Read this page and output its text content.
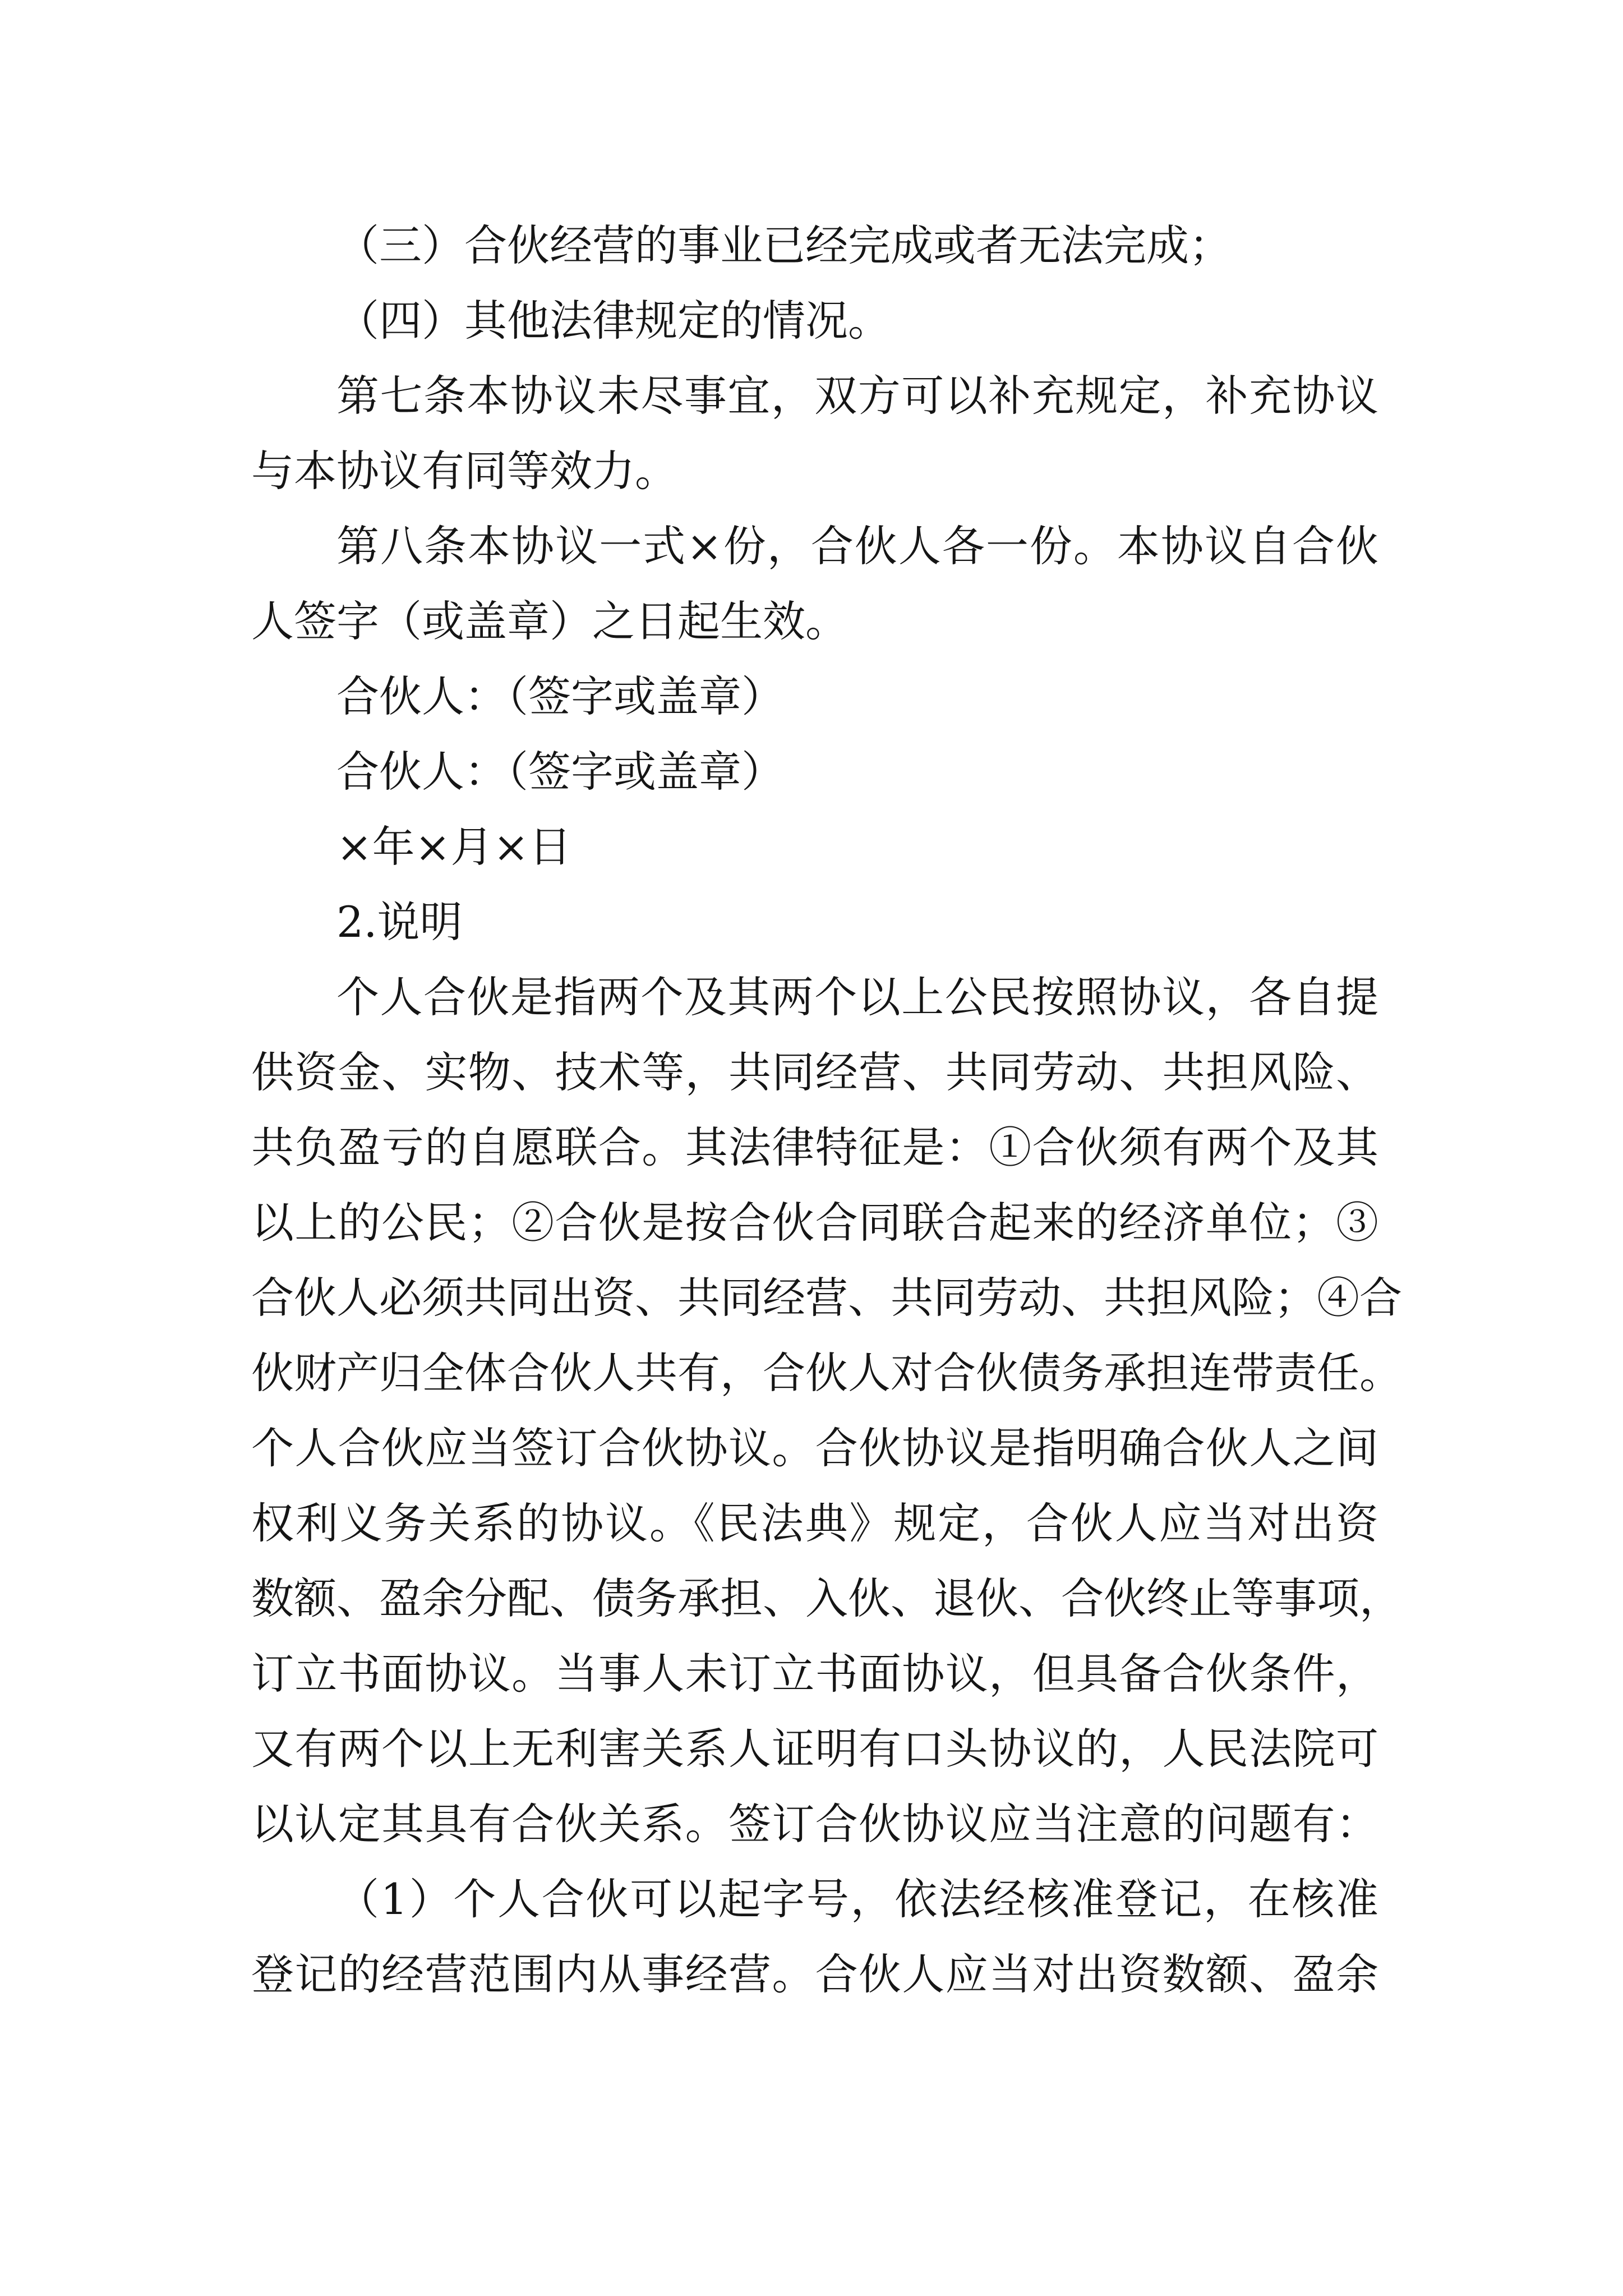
（三）合伙经营的事业已经完成或者无法完成；
（四）其他法律规定的情况。
第七条本协议未尽事宜，双方可以补充规定，补充协议
与本协议有同等效力。
第八条本协议一式×份，合伙人各一份。本协议自合伙
人签字（或盖章）之日起生效。
合伙人：（签字或盖章）
合伙人：（签字或盖章）
×年×月×日
2.说明
个人合伙是指两个及其两个以上公民按照协议，各自提
供资金、实物、技术等，共同经营、共同劳动、共担风险、
共负盈亏的自愿联合。其法律特征是：①合伙须有两个及其
以上的公民；②合伙是按合伙合同联合起来的经济单位；③
合伙人必须共同出资、共同经营、共同劳动、共担风险；④合
伙财产归全体合伙人共有，合伙人对合伙债务承担连带责任。
个人合伙应当签订合伙协议。合伙协议是指明确合伙人之间
权利义务关系的协议。《民法典》规定，合伙人应当对出资
数额、盈余分配、债务承担、入伙、退伙、合伙终止等事项，
订立书面协议。当事人未订立书面协议，但具备合伙条件，
又有两个以上无利害关系人证明有口头协议的，人民法院可
以认定其具有合伙关系。签订合伙协议应当注意的问题有：
（1）个人合伙可以起字号，依法经核准登记，在核准
登记的经营范围内从事经营。合伙人应当对出资数额、盈余
